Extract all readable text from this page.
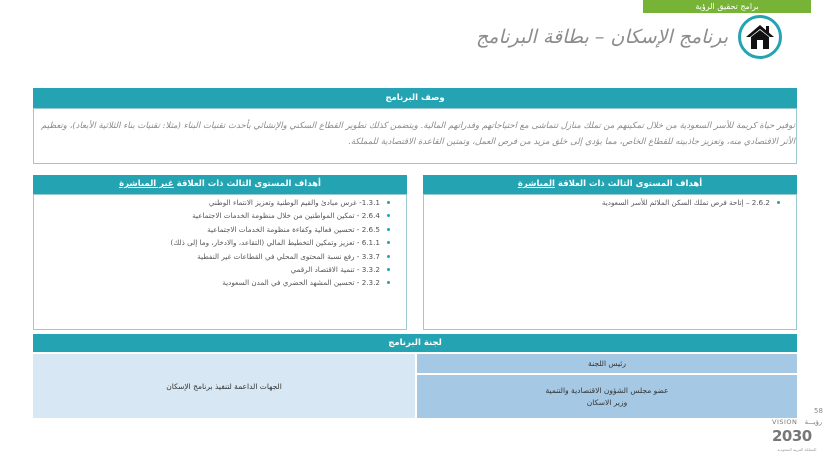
برامج تحقيق الرؤية
برنامج الإسكان – بطاقة البرنامج
وصف البرنامج
توفير حياة كريمة للأسر السعودية من خلال تمكينهم من تملك منازل تتماشى مع احتياجاتهم وقدراتهم المالية. ويتضمن كذلك تطوير القطاع السكني والإنشائي بأحدث تقنيات البناء (مثلا: تقنيات بناء الثلاثية الأبعاد)، وتعظيم الأثر الاقتصادي منه، وتعزيز جاذبيته للقطاع الخاص، مما يؤدي إلى خلق مزيد من فرص العمل، وتمتين القاعدة الاقتصادية للمملكة.
أهداف المستوى الثالث ذات العلاقة المباشرة
2.6.2 – إتاحة فرص تملك السكن الملائم للأسر السعودية
أهداف المستوى الثالث ذات العلاقة غير المباشرة
1.3.1- غرس مبادئ والقيم الوطنية وتعزيز الانتماء الوطني
2.6.4 - تمكين المواطنين من خلال منظومة الخدمات الاجتماعية
2.6.5 - تحسين فعالية وكفاءة منظومة الخدمات الاجتماعية
6.1.1 - تعزيز وتمكين التخطيط المالي (التقاعد، والادخار، وما إلى ذلك)
3.3.7 - رفع نسبة المحتوى المحلي في القطاعات غير النفطية
3.3.2 - تنمية الاقتصاد الرقمي
2.3.2 - تحسين المشهد الحضري في المدن السعودية
لجنة البرنامج
الجهات الداعمة لتنفيذ برنامج الإسكان
رئيس اللجنة
عضو مجلس الشؤون الاقتصادية والتنمية
وزير الاسكان
58
VISION رؤيـــة
2030
المملكة العربية السعودية
